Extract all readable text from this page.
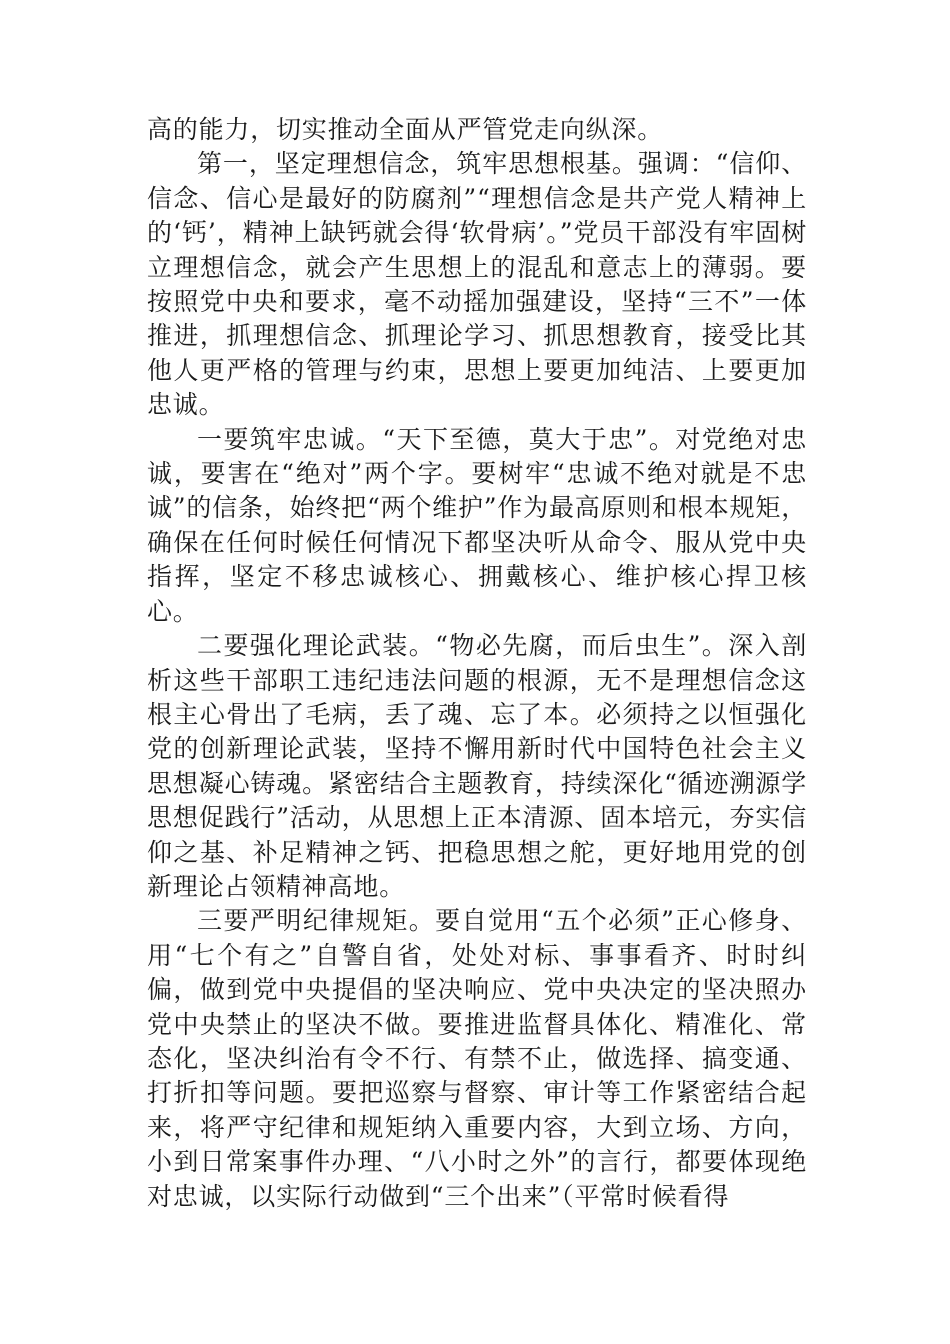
高的能力，切实推动全面从严管党走向纵深。

第一，坚定理想信念，筑牢思想根基。强调：“信仰、信念、信心是最好的防腐剂”“理想信念是共产党人精神上的‘钙’，精神上缺钙就会得‘软骨病’。”党员干部没有牢固树立理想信念，就会产生思想上的混乱和意志上的薄弱。要按照党中央和要求，毫不动摇加强建设，坚持“三不”一体推进，抓理想信念、抓理论学习、抓思想教育，接受比其他人更严格的管理与约束，思想上要更加纯洁、上要更加忠诚。

一要筑牢忠诚。“天下至德，莫大于忠”。对党绝对忠诚，要害在“绝对”两个字。要树牢“忠诚不绝对就是不忠诚”的信条，始终把“两个维护”作为最高原则和根本规矩，确保在任何时候任何情况下都坚决听从命令、服从党中央指挥，坚定不移忠诚核心、拥戴核心、维护核心捍卫核心。

二要强化理论武装。“物必先腐，而后虫生”。深入剖析这些干部职工违纪违法问题的根源，无不是理想信念这根主心骨出了毛病，丢了魂、忘了本。必须持之以恒强化党的创新理论武装，坚持不懈用新时代中国特色社会主义思想凝心铸魂。紧密结合主题教育，持续深化“循迹溯源学思想促践行”活动，从思想上正本清源、固本培元，夯实信仰之基、补足精神之钙、把稳思想之舵，更好地用党的创新理论占领精神高地。

三要严明纪律规矩。要自觉用“五个必须”正心修身、用“七个有之”自警自省，处处对标、事事看齐、时时纠偏，做到党中央提倡的坚决响应、党中央决定的坚决照办党中央禁止的坚决不做。要推进监督具体化、精准化、常态化，坚决纠治有令不行、有禁不止，做选择、搞变通、打折扣等问题。要把巡察与督察、审计等工作紧密结合起来，将严守纪律和规矩纳入重要内容，大到立场、方向，小到日常案事件办理、“八小时之外”的言行，都要体现绝对忠诚，以实际行动做到“三个出来”（平常时候看得
